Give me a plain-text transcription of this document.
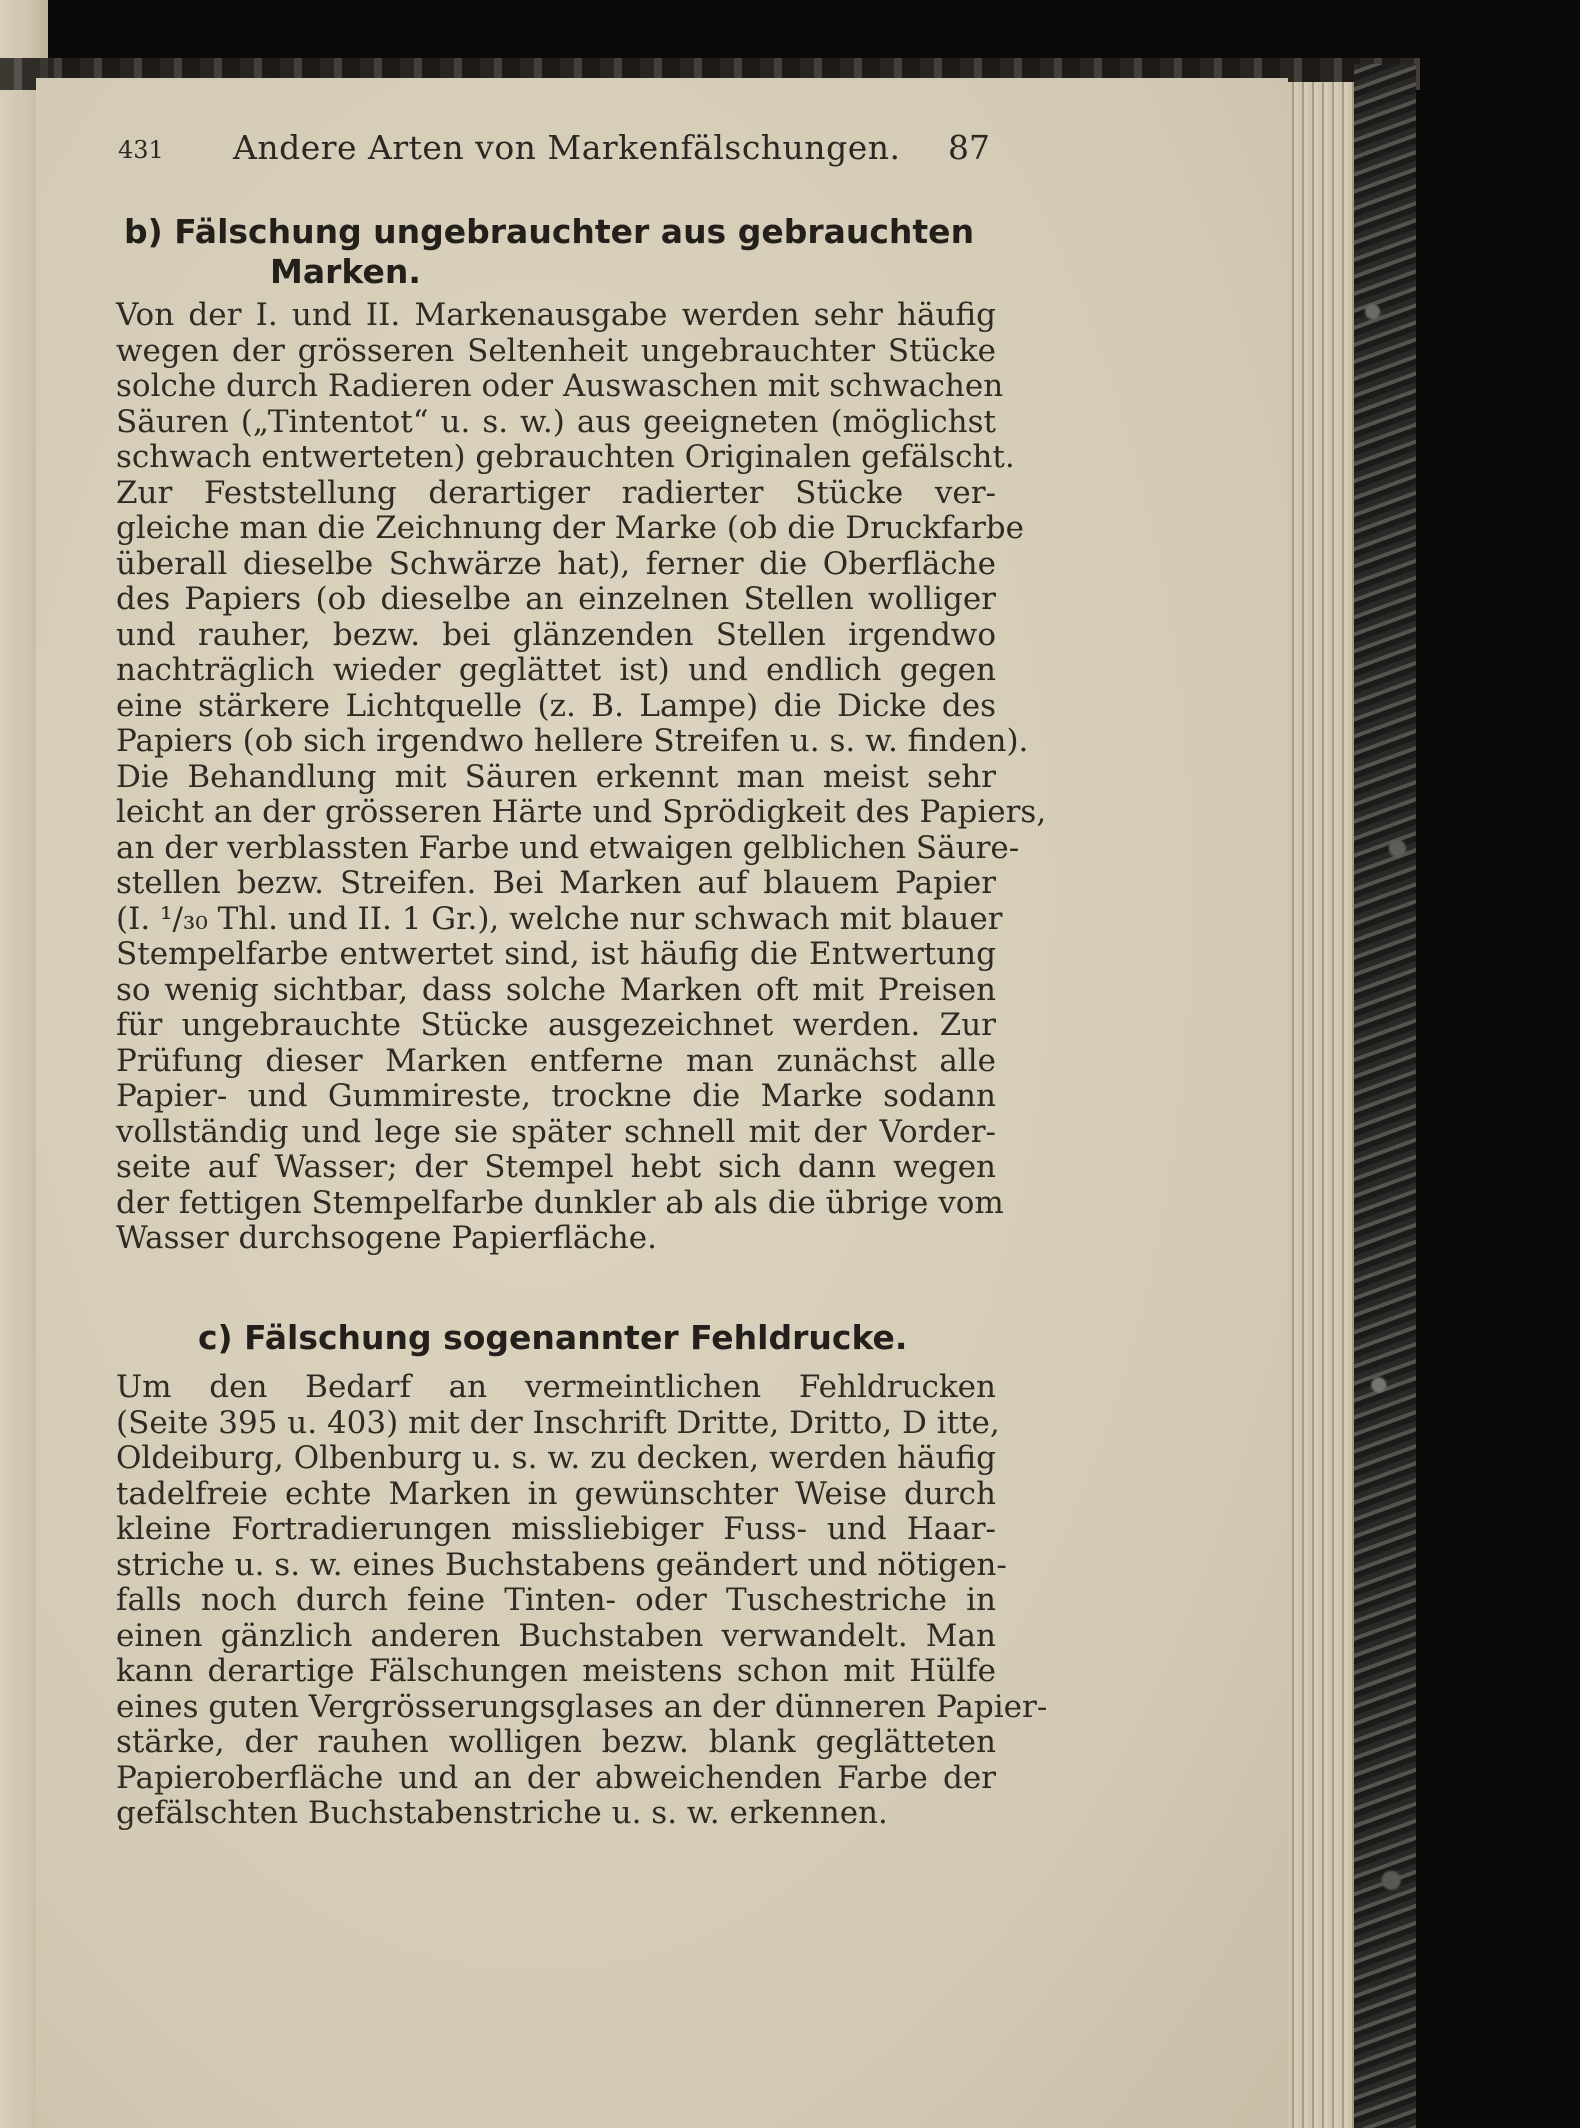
431 Andere Arten von Markenfälschungen. 87
b) Fälschung ungebrauchter aus gebrauchten
Marken.
Von der I. und II. Markenausgabe werden sehr häufig
wegen der grösseren Seltenheit ungebrauchter Stücke
solche durch Radieren oder Auswaschen mit schwachen
Säuren („Tintentot“ u. s. w.) aus geeigneten (möglichst
schwach entwerteten) gebrauchten Originalen gefälscht.
Zur Feststellung derartiger radierter Stücke ver-
gleiche man die Zeichnung der Marke (ob die Druckfarbe
überall dieselbe Schwärze hat), ferner die Oberfläche
des Papiers (ob dieselbe an einzelnen Stellen wolliger
und rauher, bezw. bei glänzenden Stellen irgendwo
nachträglich wieder geglättet ist) und endlich gegen
eine stärkere Lichtquelle (z. B. Lampe) die Dicke des
Papiers (ob sich irgendwo hellere Streifen u. s. w. finden).
Die Behandlung mit Säuren erkennt man meist sehr
leicht an der grösseren Härte und Sprödigkeit des Papiers,
an der verblassten Farbe und etwaigen gelblichen Säure-
stellen bezw. Streifen. Bei Marken auf blauem Papier
(I. ¹/₃₀ Thl. und II. 1 Gr.), welche nur schwach mit blauer
Stempelfarbe entwertet sind, ist häufig die Entwertung
so wenig sichtbar, dass solche Marken oft mit Preisen
für ungebrauchte Stücke ausgezeichnet werden. Zur
Prüfung dieser Marken entferne man zunächst alle
Papier- und Gummireste, trockne die Marke sodann
vollständig und lege sie später schnell mit der Vorder-
seite auf Wasser; der Stempel hebt sich dann wegen
der fettigen Stempelfarbe dunkler ab als die übrige vom
Wasser durchsogene Papierfläche.
c) Fälschung sogenannter Fehldrucke.
Um den Bedarf an vermeintlichen Fehldrucken
(Seite 395 u. 403) mit der Inschrift Dritte, Dritto, D itte,
Oldeiburg, Olbenburg u. s. w. zu decken, werden häufig
tadelfreie echte Marken in gewünschter Weise durch
kleine Fortradierungen missliebiger Fuss- und Haar-
striche u. s. w. eines Buchstabens geändert und nötigen-
falls noch durch feine Tinten- oder Tuschestriche in
einen gänzlich anderen Buchstaben verwandelt. Man
kann derartige Fälschungen meistens schon mit Hülfe
eines guten Vergrösserungsglases an der dünneren Papier-
stärke, der rauhen wolligen bezw. blank geglätteten
Papieroberfläche und an der abweichenden Farbe der
gefälschten Buchstabenstriche u. s. w. erkennen.
